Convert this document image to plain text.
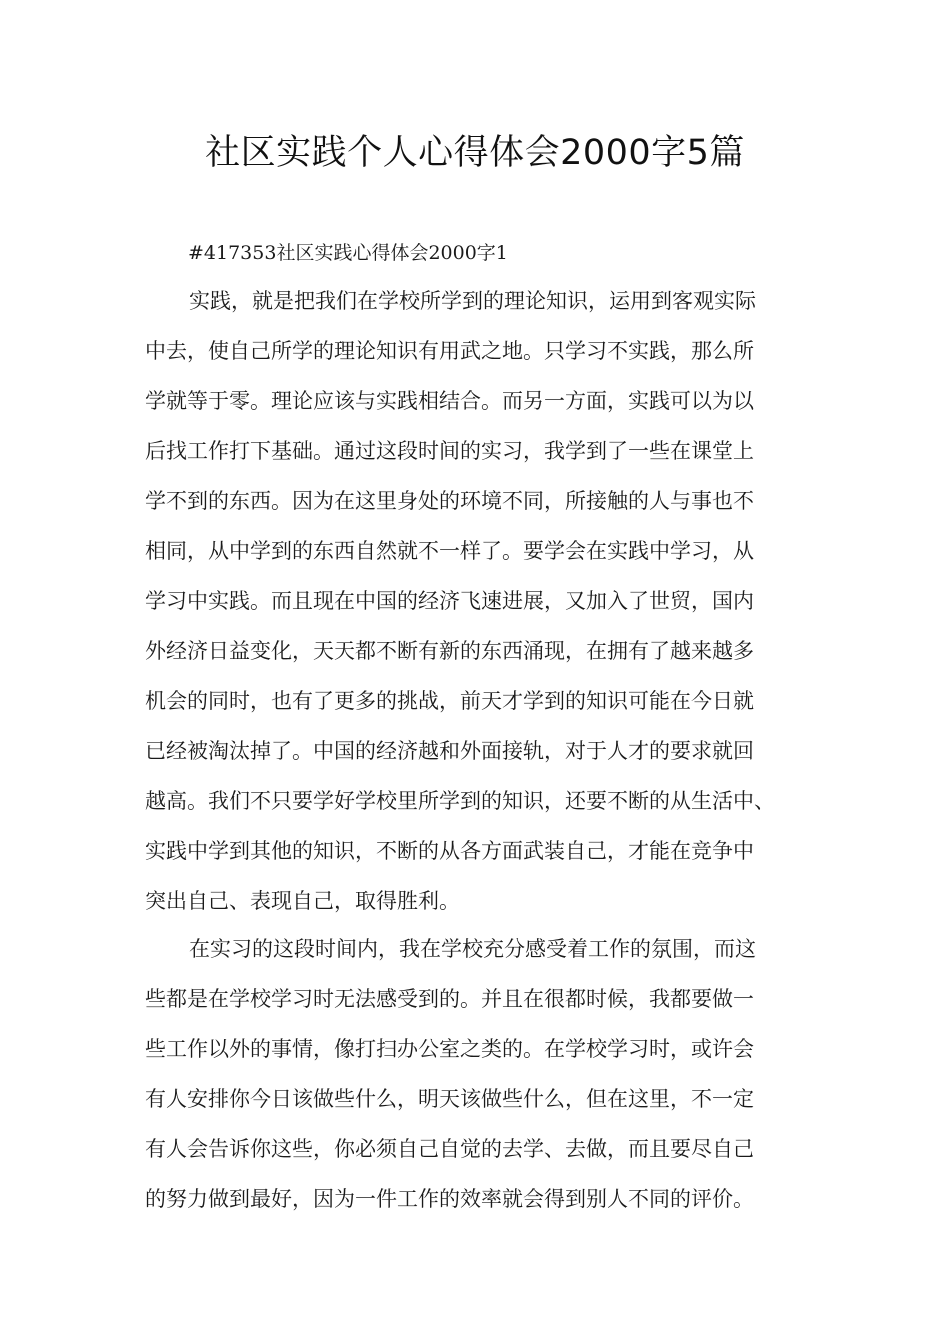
社区实践个人心得体会2000字5篇

#417353社区实践心得体会2000字1

实践，就是把我们在学校所学到的理论知识，运用到客观实际
中去，使自己所学的理论知识有用武之地。只学习不实践，那么所
学就等于零。理论应该与实践相结合。而另一方面，实践可以为以
后找工作打下基础。通过这段时间的实习，我学到了一些在课堂上
学不到的东西。因为在这里身处的环境不同，所接触的人与事也不
相同，从中学到的东西自然就不一样了。要学会在实践中学习，从
学习中实践。而且现在中国的经济飞速进展，又加入了世贸，国内
外经济日益变化，天天都不断有新的东西涌现，在拥有了越来越多
机会的同时，也有了更多的挑战，前天才学到的知识可能在今日就
已经被淘汰掉了。中国的经济越和外面接轨，对于人才的要求就回
越高。我们不只要学好学校里所学到的知识，还要不断的从生活中、
实践中学到其他的知识，不断的从各方面武装自己，才能在竞争中
突出自己、表现自己，取得胜利。
在实习的这段时间内，我在学校充分感受着工作的氛围，而这
些都是在学校学习时无法感受到的。并且在很都时候，我都要做一
些工作以外的事情，像打扫办公室之类的。在学校学习时，或许会
有人安排你今日该做些什么，明天该做些什么，但在这里，不一定
有人会告诉你这些，你必须自己自觉的去学、去做，而且要尽自己
的努力做到最好，因为一件工作的效率就会得到别人不同的评价。
